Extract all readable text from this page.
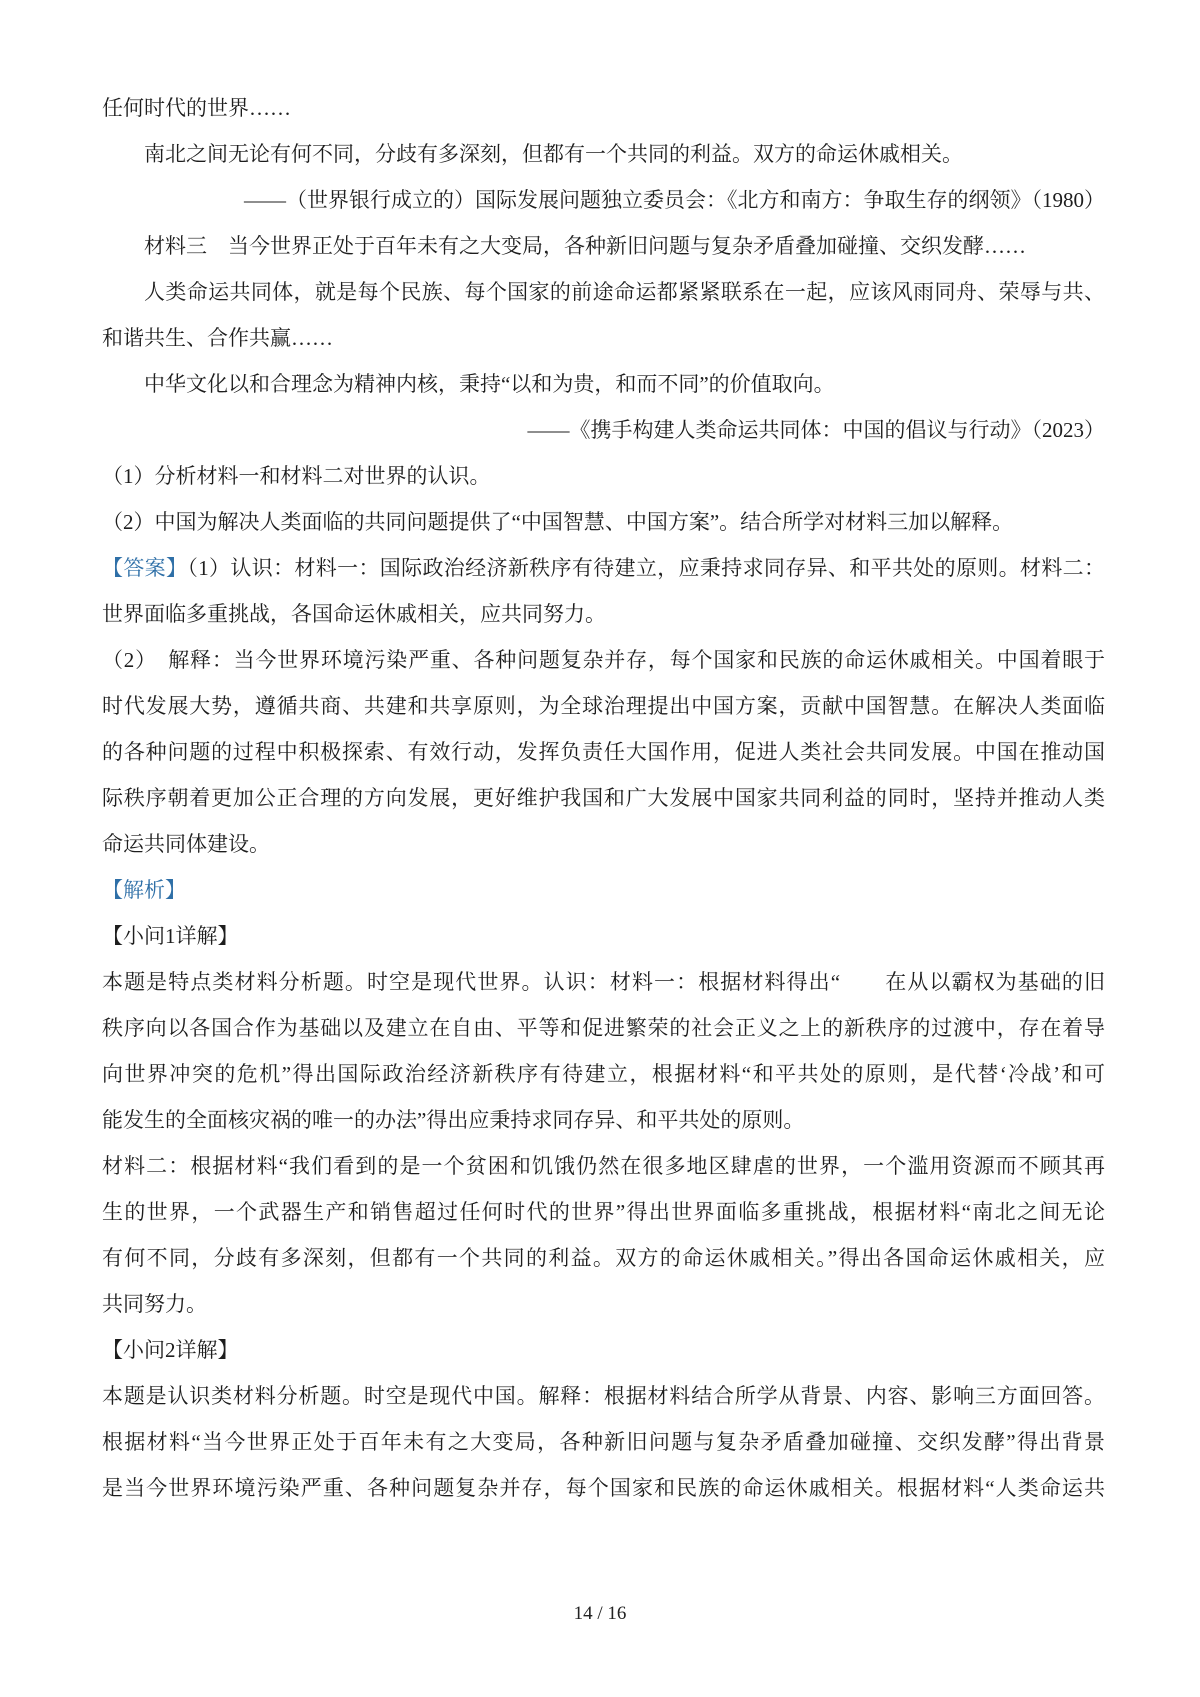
任何时代的世界……
南北之间无论有何不同，分歧有多深刻，但都有一个共同的利益。双方的命运休戚相关。
——（世界银行成立的）国际发展问题独立委员会：《北方和南方：争取生存的纲领》（1980）
材料三　当今世界正处于百年未有之大变局，各种新旧问题与复杂矛盾叠加碰撞、交织发酵……
人类命运共同体，就是每个民族、每个国家的前途命运都紧紧联系在一起，应该风雨同舟、荣辱与共、
和谐共生、合作共赢……
中华文化以和合理念为精神内核，秉持“以和为贵，和而不同”的价值取向。
——《携手构建人类命运共同体：中国的倡议与行动》（2023）
（1）分析材料一和材料二对世界的认识。
（2）中国为解决人类面临的共同问题提供了“中国智慧、中国方案”。结合所学对材料三加以解释。
【答案】（1）认识：材料一：国际政治经济新秩序有待建立，应秉持求同存异、和平共处的原则。材料二：
世界面临多重挑战，各国命运休戚相关，应共同努力。
（2）　解释：当今世界环境污染严重、各种问题复杂并存，每个国家和民族的命运休戚相关。中国着眼于
时代发展大势，遵循共商、共建和共享原则，为全球治理提出中国方案，贡献中国智慧。在解决人类面临
的各种问题的过程中积极探索、有效行动，发挥负责任大国作用，促进人类社会共同发展。中国在推动国
际秩序朝着更加公正合理的方向发展，更好维护我国和广大发展中国家共同利益的同时，坚持并推动人类
命运共同体建设。
【解析】
【小问1详解】
本题是特点类材料分析题。时空是现代世界。认识：材料一：根据材料得出“　　在从以霸权为基础的旧
秩序向以各国合作为基础以及建立在自由、平等和促进繁荣的社会正义之上的新秩序的过渡中，存在着导
向世界冲突的危机”得出国际政治经济新秩序有待建立，根据材料“和平共处的原则，是代替‘冷战’和可
能发生的全面核灾祸的唯一的办法”得出应秉持求同存异、和平共处的原则。
材料二：根据材料“我们看到的是一个贫困和饥饿仍然在很多地区肆虐的世界，一个滥用资源而不顾其再
生的世界，一个武器生产和销售超过任何时代的世界”得出世界面临多重挑战，根据材料“南北之间无论
有何不同，分歧有多深刻，但都有一个共同的利益。双方的命运休戚相关。”得出各国命运休戚相关，应
共同努力。
【小问2详解】
本题是认识类材料分析题。时空是现代中国。解释：根据材料结合所学从背景、内容、影响三方面回答。
根据材料“当今世界正处于百年未有之大变局，各种新旧问题与复杂矛盾叠加碰撞、交织发酵”得出背景
是当今世界环境污染严重、各种问题复杂并存，每个国家和民族的命运休戚相关。根据材料“人类命运共
14 / 16
